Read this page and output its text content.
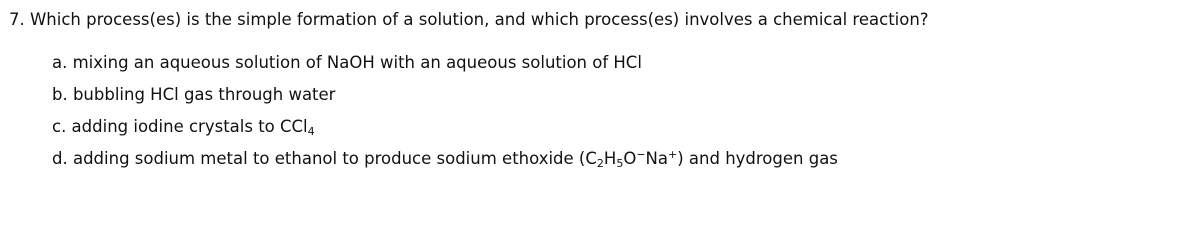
7. Which process(es) is the simple formation of a solution, and which process(es) involves a chemical reaction?
a. mixing an aqueous solution of NaOH with an aqueous solution of HCl
b. bubbling HCl gas through water
c. adding iodine crystals to CCl$_4$
d. adding sodium metal to ethanol to produce sodium ethoxide $(C_2H_5O^-Na^+)$ and hydrogen gas
